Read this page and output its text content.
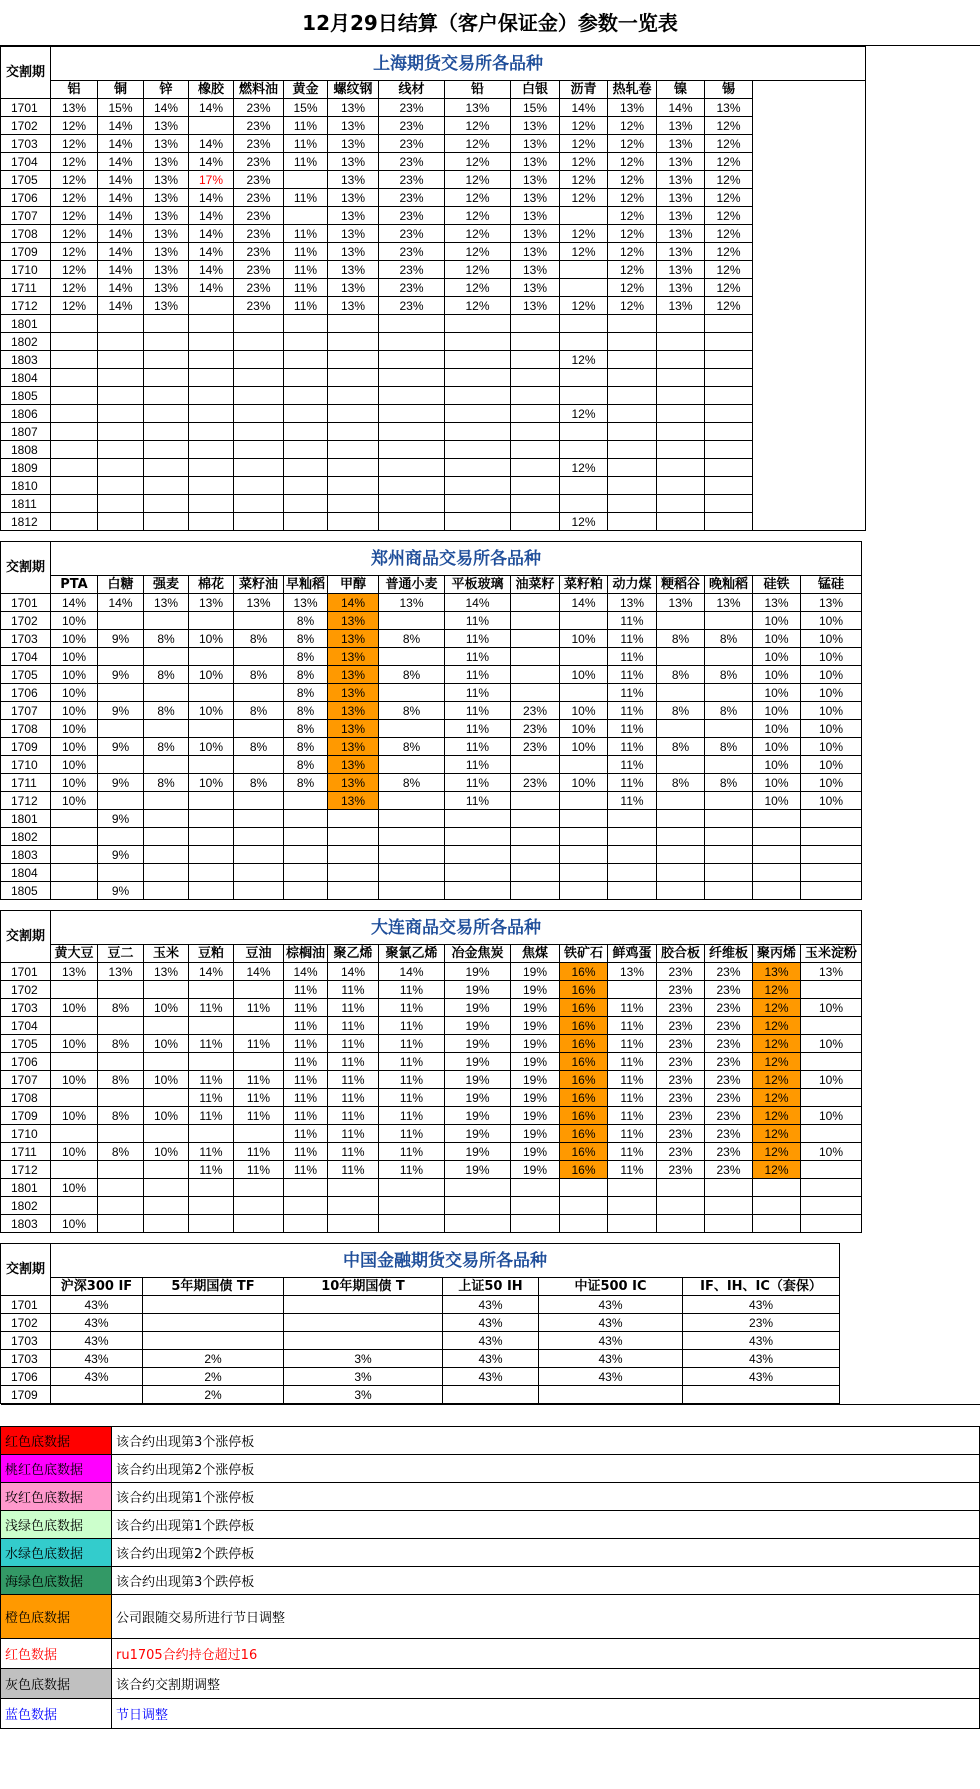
12月29日结算（客户保证金）参数一览表
交割期	上海期货交易所各品种														
	铝	铜	锌	橡胶	燃料油	黄金	螺纹钢	线材	铅	白银	沥青	热轧卷	镍	锡	
1701	13%	15%	14%	14%	23%	15%	13%	23%	13%	15%	14%	13%	14%	13%	
1702	12%	14%	13%		23%	11%	13%	23%	12%	13%	12%	12%	13%	12%	
1703	12%	14%	13%	14%	23%	11%	13%	23%	12%	13%	12%	12%	13%	12%	
1704	12%	14%	13%	14%	23%	11%	13%	23%	12%	13%	12%	12%	13%	12%	
1705	12%	14%	13%	17%	23%		13%	23%	12%	13%	12%	12%	13%	12%	
1706	12%	14%	13%	14%	23%	11%	13%	23%	12%	13%	12%	12%	13%	12%	
1707	12%	14%	13%	14%	23%		13%	23%	12%	13%		12%	13%	12%	
1708	12%	14%	13%	14%	23%	11%	13%	23%	12%	13%	12%	12%	13%	12%	
1709	12%	14%	13%	14%	23%	11%	13%	23%	12%	13%	12%	12%	13%	12%	
1710	12%	14%	13%	14%	23%	11%	13%	23%	12%	13%		12%	13%	12%	
1711	12%	14%	13%	14%	23%	11%	13%	23%	12%	13%		12%	13%	12%	
1712	12%	14%	13%		23%	11%	13%	23%	12%	13%	12%	12%	13%	12%	
1801															
1802															
1803											12%				
1804															
1805															
1806											12%				
1807															
1808															
1809											12%				
1810															
1811															
1812											12%				
交割期	郑州商品交易所各品种															
	PTA	白糖	强麦	棉花	菜籽油	早籼稻	甲醇	普通小麦	平板玻璃	油菜籽	菜籽粕	动力煤	粳稻谷	晚籼稻	硅铁	锰硅
1701	14%	14%	13%	13%	13%	13%	14%	13%	14%		14%	13%	13%	13%	13%	13%
1702	10%					8%	13%		11%			11%			10%	10%
1703	10%	9%	8%	10%	8%	8%	13%	8%	11%		10%	11%	8%	8%	10%	10%
1704	10%					8%	13%		11%			11%			10%	10%
1705	10%	9%	8%	10%	8%	8%	13%	8%	11%		10%	11%	8%	8%	10%	10%
1706	10%					8%	13%		11%			11%			10%	10%
1707	10%	9%	8%	10%	8%	8%	13%	8%	11%	23%	10%	11%	8%	8%	10%	10%
1708	10%					8%	13%		11%	23%	10%	11%			10%	10%
1709	10%	9%	8%	10%	8%	8%	13%	8%	11%	23%	10%	11%	8%	8%	10%	10%
1710	10%					8%	13%		11%			11%			10%	10%
1711	10%	9%	8%	10%	8%	8%	13%	8%	11%	23%	10%	11%	8%	8%	10%	10%
1712	10%						13%		11%			11%			10%	10%
1801		9%														
1802																
1803		9%														
1804																
1805		9%														
交割期	大连商品交易所各品种															
	黄大豆	豆二	玉米	豆粕	豆油	棕榈油	聚乙烯	聚氯乙烯	冶金焦炭	焦煤	铁矿石	鲜鸡蛋	胶合板	纤维板	聚丙烯	玉米淀粉
1701	13%	13%	13%	14%	14%	14%	14%	14%	19%	19%	16%	13%	23%	23%	13%	13%
1702						11%	11%	11%	19%	19%	16%		23%	23%	12%	
1703	10%	8%	10%	11%	11%	11%	11%	11%	19%	19%	16%	11%	23%	23%	12%	10%
1704						11%	11%	11%	19%	19%	16%	11%	23%	23%	12%	
1705	10%	8%	10%	11%	11%	11%	11%	11%	19%	19%	16%	11%	23%	23%	12%	10%
1706						11%	11%	11%	19%	19%	16%	11%	23%	23%	12%	
1707	10%	8%	10%	11%	11%	11%	11%	11%	19%	19%	16%	11%	23%	23%	12%	10%
1708				11%	11%	11%	11%	11%	19%	19%	16%	11%	23%	23%	12%	
1709	10%	8%	10%	11%	11%	11%	11%	11%	19%	19%	16%	11%	23%	23%	12%	10%
1710						11%	11%	11%	19%	19%	16%	11%	23%	23%	12%	
1711	10%	8%	10%	11%	11%	11%	11%	11%	19%	19%	16%	11%	23%	23%	12%	10%
1712				11%	11%	11%	11%	11%	19%	19%	16%	11%	23%	23%	12%	
1801	10%															
1802																
1803	10%															
交割期	中国金融期货交易所各品种					
	沪深300 IF	5年期国债 TF	10年期国债 T	上证50 IH	中证500 IC	IF、IH、IC（套保）
1701	43%			43%	43%	43%
1702	43%			43%	43%	23%
1703	43%			43%	43%	43%
1703	43%	2%	3%	43%	43%	43%
1706	43%	2%	3%	43%	43%	43%
1709		2%	3%			

红色底数据	该合约出现第3个涨停板
桃红色底数据	该合约出现第2个涨停板
玫红色底数据	该合约出现第1个涨停板
浅绿色底数据	该合约出现第1个跌停板
水绿色底数据	该合约出现第2个跌停板
海绿色底数据	该合约出现第3个跌停板
橙色底数据	公司跟随交易所进行节日调整
红色数据	ru1705合约持仓超过16
灰色底数据	该合约交割期调整
蓝色数据	节日调整
